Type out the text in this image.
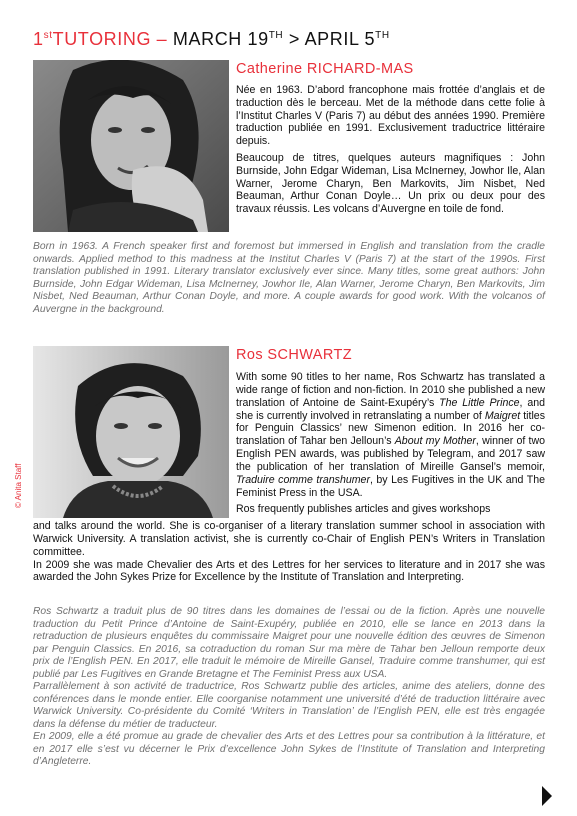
1stTUTORING – MARCH 19TH > APRIL 5TH
Catherine RICHARD-MAS

Née en 1963. D’abord francophone mais frottée d’anglais et de traduction dès le berceau. Met de la méthode dans cette folie à l’Institut Charles V (Paris 7) au début des années 1990. Première traduction publiée en 1991. Exclusivement traductrice littéraire depuis.

Beaucoup de titres, quelques auteurs magnifiques : John Burnside, John Edgar Wideman, Lisa McInerney, Jowhor Ile, Alan Warner, Jerome Charyn, Ben Markovits, Jim Nisbet, Ned Beauman, Arthur Conan Doyle… Un prix ou deux pour des travaux réussis. Les volcans d’Auvergne en toile de fond.

Born in 1963. A French speaker first and foremost but immersed in English and translation from the cradle onwards. Applied method to this madness at the Institut Charles V (Paris 7) at the start of the 1990s. First translation published in 1991. Literary translator exclusively ever since. Many titles, some great authors: John Burnside, John Edgar Wideman, Lisa McInerney, Jowhor Ile, Alan Warner, Jerome Charyn, Ben Markovits, Jim Nisbet, Ned Beauman, Arthur Conan Doyle, and more. A couple awards for good work. With the volcanos of Auvergne in the background.
© Anita Staff
Ros SCHWARTZ

With some 90 titles to her name, Ros Schwartz has translated a wide range of fiction and non-fiction. In 2010 she published a new translation of Antoine de Saint-Exupéry’s The Little Prince, and she is currently involved in retranslating a number of Maigret titles for Penguin Classics’ new Simenon edition. In 2016 her co-translation of Tahar ben Jelloun’s About my Mother, winner of two English PEN awards, was published by Telegram, and 2017 saw the publication of her translation of Mireille Gansel’s memoir, Traduire comme transhumer, by Les Fugitives in the UK and The Feminist Press in the USA.

Ros frequently publishes articles and gives workshops

and talks around the world. She is co-organiser of a literary translation summer school in association with Warwick University. A translation activist, she is currently co-Chair of English PEN’s Writers in Translation committee.

In 2009 she was made Chevalier des Arts et des Lettres for her services to literature and in 2017 she was awarded the John Sykes Prize for Excellence by the Institute of Translation and Interpreting.

Ros Schwartz a traduit plus de 90 titres dans les domaines de l’essai ou de la fiction. Après une nouvelle traduction du Petit Prince d’Antoine de Saint-Exupéry, publiée en 2010, elle se lance en 2013 dans la retraduction de plusieurs enquêtes du commissaire Maigret pour une nouvelle édition des œuvres de Simenon par Penguin Classics. En 2016, sa cotraduction du roman Sur ma mère de Tahar ben Jelloun remporte deux prix de l’English PEN. En 2017, elle traduit le mémoire de Mireille Gansel, Traduire comme transhumer, qui est publié par Les Fugitives en Grande Bretagne et The Feminist Press aux USA.

Parrallèlement à son activité de traductrice, Ros Schwartz publie des articles, anime des ateliers, donne des conférences dans le monde entier. Elle coorganise notamment une université d’été de traduction littéraire avec Warwick University. Co-présidente du Comité ‘Writers in Translation’ de l’English PEN, elle est très engagée dans la défense du métier de traducteur.

En 2009, elle a été promue au grade de chevalier des Arts et des Lettres pour sa contribution à la littérature, et en 2017 elle s’est vu décerner le Prix d’excellence John Sykes de l’Institute of Translation and Interpreting d’Angleterre.
